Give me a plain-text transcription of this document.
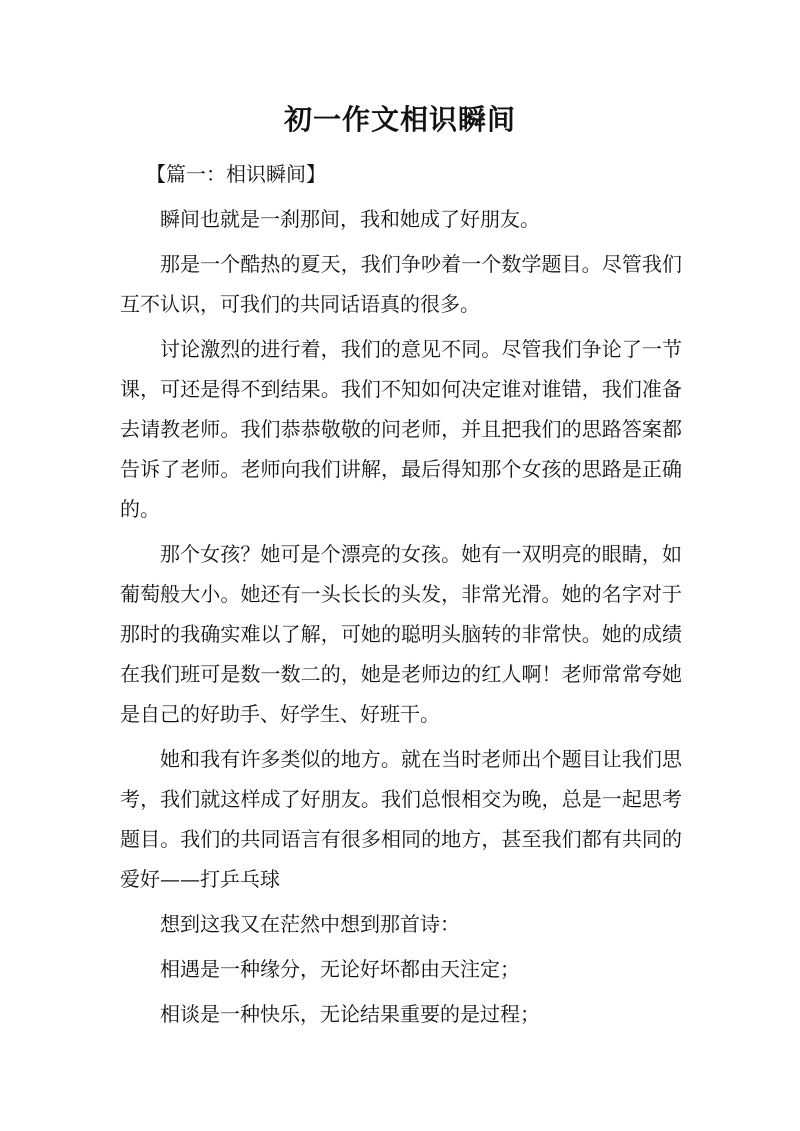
初一作文相识瞬间

【篇一：相识瞬间】

瞬间也就是一刹那间，我和她成了好朋友。

那是一个酷热的夏天，我们争吵着一个数学题目。尽管我们互不认识，可我们的共同话语真的很多。

讨论激烈的进行着，我们的意见不同。尽管我们争论了一节课，可还是得不到结果。我们不知如何决定谁对谁错，我们准备去请教老师。我们恭恭敬敬的问老师，并且把我们的思路答案都告诉了老师。老师向我们讲解，最后得知那个女孩的思路是正确的。

那个女孩？她可是个漂亮的女孩。她有一双明亮的眼睛，如葡萄般大小。她还有一头长长的头发，非常光滑。她的名字对于那时的我确实难以了解，可她的聪明头脑转的非常快。她的成绩在我们班可是数一数二的，她是老师边的红人啊！老师常常夸她是自己的好助手、好学生、好班干。

她和我有许多类似的地方。就在当时老师出个题目让我们思考，我们就这样成了好朋友。我们总恨相交为晚，总是一起思考题目。我们的共同语言有很多相同的地方，甚至我们都有共同的爱好——打乒乓球

想到这我又在茫然中想到那首诗：

相遇是一种缘分，无论好坏都由天注定；

相谈是一种快乐，无论结果重要的是过程；
